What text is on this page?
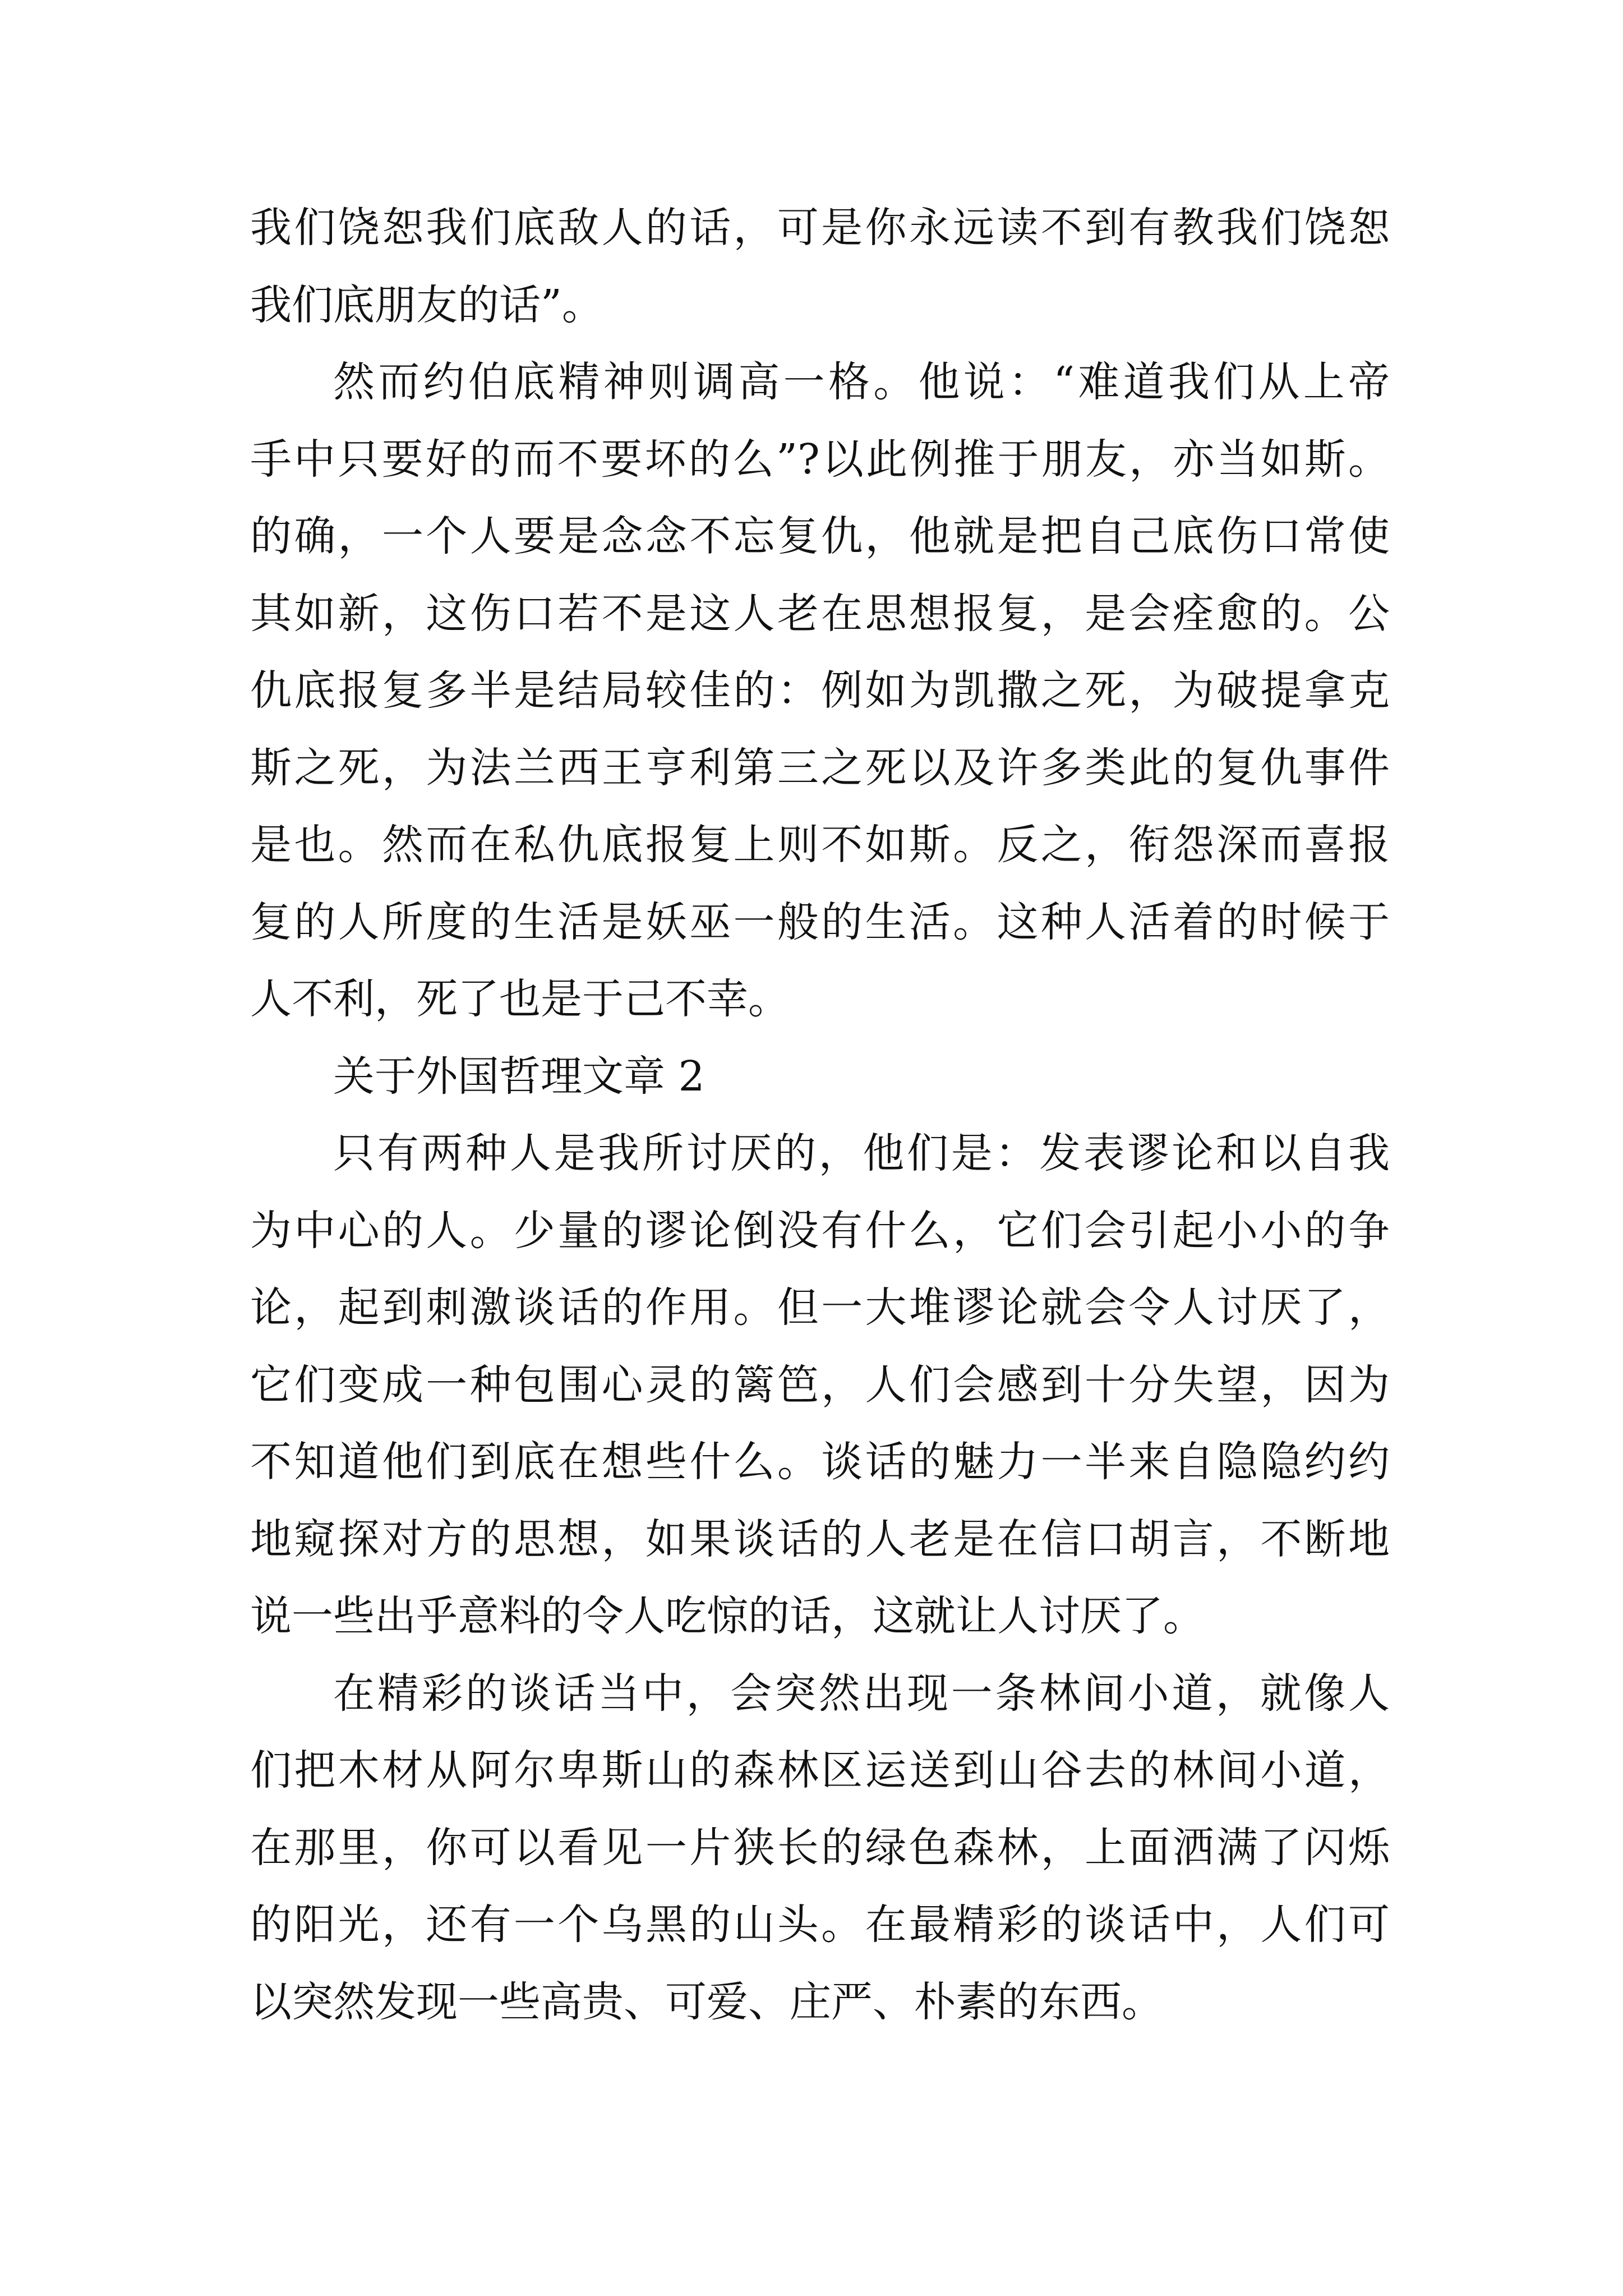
我们饶恕我们底敌人的话，可是你永远读不到有教我们饶恕
我们底朋友的话”。
然而约伯底精神则调高一格。他说：“难道我们从上帝
手中只要好的而不要坏的么”?以此例推于朋友，亦当如斯。
的确，一个人要是念念不忘复仇，他就是把自己底伤口常使
其如新，这伤口若不是这人老在思想报复，是会痊愈的。公
仇底报复多半是结局较佳的：例如为凯撒之死，为破提拿克
斯之死，为法兰西王亨利第三之死以及许多类此的复仇事件
是也。然而在私仇底报复上则不如斯。反之，衔怨深而喜报
复的人所度的生活是妖巫一般的生活。这种人活着的时候于
人不利，死了也是于己不幸。
关于外国哲理文章 2
只有两种人是我所讨厌的，他们是：发表谬论和以自我
为中心的人。少量的谬论倒没有什么，它们会引起小小的争
论，起到刺激谈话的作用。但一大堆谬论就会令人讨厌了，
它们变成一种包围心灵的篱笆，人们会感到十分失望，因为
不知道他们到底在想些什么。谈话的魅力一半来自隐隐约约
地窥探对方的思想，如果谈话的人老是在信口胡言，不断地
说一些出乎意料的令人吃惊的话，这就让人讨厌了。
在精彩的谈话当中，会突然出现一条林间小道，就像人
们把木材从阿尔卑斯山的森林区运送到山谷去的林间小道，
在那里，你可以看见一片狭长的绿色森林，上面洒满了闪烁
的阳光，还有一个乌黑的山头。在最精彩的谈话中，人们可
以突然发现一些高贵、可爱、庄严、朴素的东西。
